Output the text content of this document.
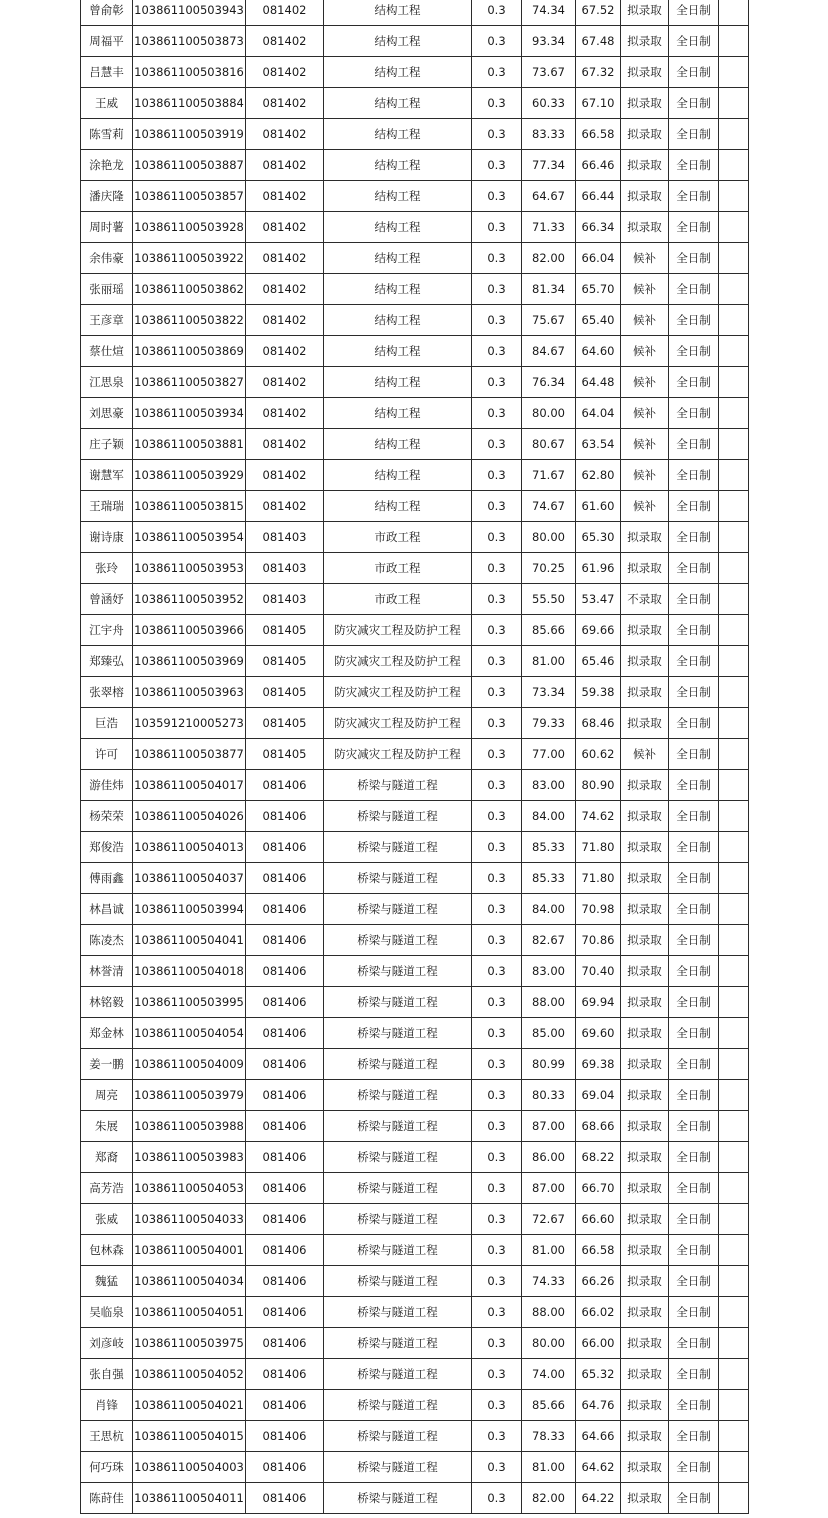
曾俞彰	103861100503943	081402	结构工程	0.3	74.34	67.52	拟录取	全日制	
周福平	103861100503873	081402	结构工程	0.3	93.34	67.48	拟录取	全日制	
吕慧丰	103861100503816	081402	结构工程	0.3	73.67	67.32	拟录取	全日制	
王威	103861100503884	081402	结构工程	0.3	60.33	67.10	拟录取	全日制	
陈雪莉	103861100503919	081402	结构工程	0.3	83.33	66.58	拟录取	全日制	
涂艳龙	103861100503887	081402	结构工程	0.3	77.34	66.46	拟录取	全日制	
潘庆隆	103861100503857	081402	结构工程	0.3	64.67	66.44	拟录取	全日制	
周时薯	103861100503928	081402	结构工程	0.3	71.33	66.34	拟录取	全日制	
余伟豪	103861100503922	081402	结构工程	0.3	82.00	66.04	候补	全日制	
张丽瑶	103861100503862	081402	结构工程	0.3	81.34	65.70	候补	全日制	
王彦章	103861100503822	081402	结构工程	0.3	75.67	65.40	候补	全日制	
蔡仕煊	103861100503869	081402	结构工程	0.3	84.67	64.60	候补	全日制	
江思泉	103861100503827	081402	结构工程	0.3	76.34	64.48	候补	全日制	
刘思豪	103861100503934	081402	结构工程	0.3	80.00	64.04	候补	全日制	
庄子颖	103861100503881	081402	结构工程	0.3	80.67	63.54	候补	全日制	
谢慧军	103861100503929	081402	结构工程	0.3	71.67	62.80	候补	全日制	
王瑞瑞	103861100503815	081402	结构工程	0.3	74.67	61.60	候补	全日制	
谢诗康	103861100503954	081403	市政工程	0.3	80.00	65.30	拟录取	全日制	
张玲	103861100503953	081403	市政工程	0.3	70.25	61.96	拟录取	全日制	
曾涵妤	103861100503952	081403	市政工程	0.3	55.50	53.47	不录取	全日制	
江宇舟	103861100503966	081405	防灾减灾工程及防护工程	0.3	85.66	69.66	拟录取	全日制	
郑臻弘	103861100503969	081405	防灾减灾工程及防护工程	0.3	81.00	65.46	拟录取	全日制	
张翠榕	103861100503963	081405	防灾减灾工程及防护工程	0.3	73.34	59.38	拟录取	全日制	
巨浩	103591210005273	081405	防灾减灾工程及防护工程	0.3	79.33	68.46	拟录取	全日制	
许可	103861100503877	081405	防灾减灾工程及防护工程	0.3	77.00	60.62	候补	全日制	
游佳炜	103861100504017	081406	桥梁与隧道工程	0.3	83.00	80.90	拟录取	全日制	
杨荣荣	103861100504026	081406	桥梁与隧道工程	0.3	84.00	74.62	拟录取	全日制	
郑俊浩	103861100504013	081406	桥梁与隧道工程	0.3	85.33	71.80	拟录取	全日制	
傅雨鑫	103861100504037	081406	桥梁与隧道工程	0.3	85.33	71.80	拟录取	全日制	
林昌诚	103861100503994	081406	桥梁与隧道工程	0.3	84.00	70.98	拟录取	全日制	
陈凌杰	103861100504041	081406	桥梁与隧道工程	0.3	82.67	70.86	拟录取	全日制	
林誉清	103861100504018	081406	桥梁与隧道工程	0.3	83.00	70.40	拟录取	全日制	
林铭毅	103861100503995	081406	桥梁与隧道工程	0.3	88.00	69.94	拟录取	全日制	
郑金林	103861100504054	081406	桥梁与隧道工程	0.3	85.00	69.60	拟录取	全日制	
姜一鹏	103861100504009	081406	桥梁与隧道工程	0.3	80.99	69.38	拟录取	全日制	
周亮	103861100503979	081406	桥梁与隧道工程	0.3	80.33	69.04	拟录取	全日制	
朱展	103861100503988	081406	桥梁与隧道工程	0.3	87.00	68.66	拟录取	全日制	
郑裔	103861100503983	081406	桥梁与隧道工程	0.3	86.00	68.22	拟录取	全日制	
高芳浩	103861100504053	081406	桥梁与隧道工程	0.3	87.00	66.70	拟录取	全日制	
张威	103861100504033	081406	桥梁与隧道工程	0.3	72.67	66.60	拟录取	全日制	
包林森	103861100504001	081406	桥梁与隧道工程	0.3	81.00	66.58	拟录取	全日制	
魏猛	103861100504034	081406	桥梁与隧道工程	0.3	74.33	66.26	拟录取	全日制	
吴临泉	103861100504051	081406	桥梁与隧道工程	0.3	88.00	66.02	拟录取	全日制	
刘彦岐	103861100503975	081406	桥梁与隧道工程	0.3	80.00	66.00	拟录取	全日制	
张自强	103861100504052	081406	桥梁与隧道工程	0.3	74.00	65.32	拟录取	全日制	
肖锋	103861100504021	081406	桥梁与隧道工程	0.3	85.66	64.76	拟录取	全日制	
王思杭	103861100504015	081406	桥梁与隧道工程	0.3	78.33	64.66	拟录取	全日制	
何巧珠	103861100504003	081406	桥梁与隧道工程	0.3	81.00	64.62	拟录取	全日制	
陈莳佳	103861100504011	081406	桥梁与隧道工程	0.3	82.00	64.22	拟录取	全日制	
